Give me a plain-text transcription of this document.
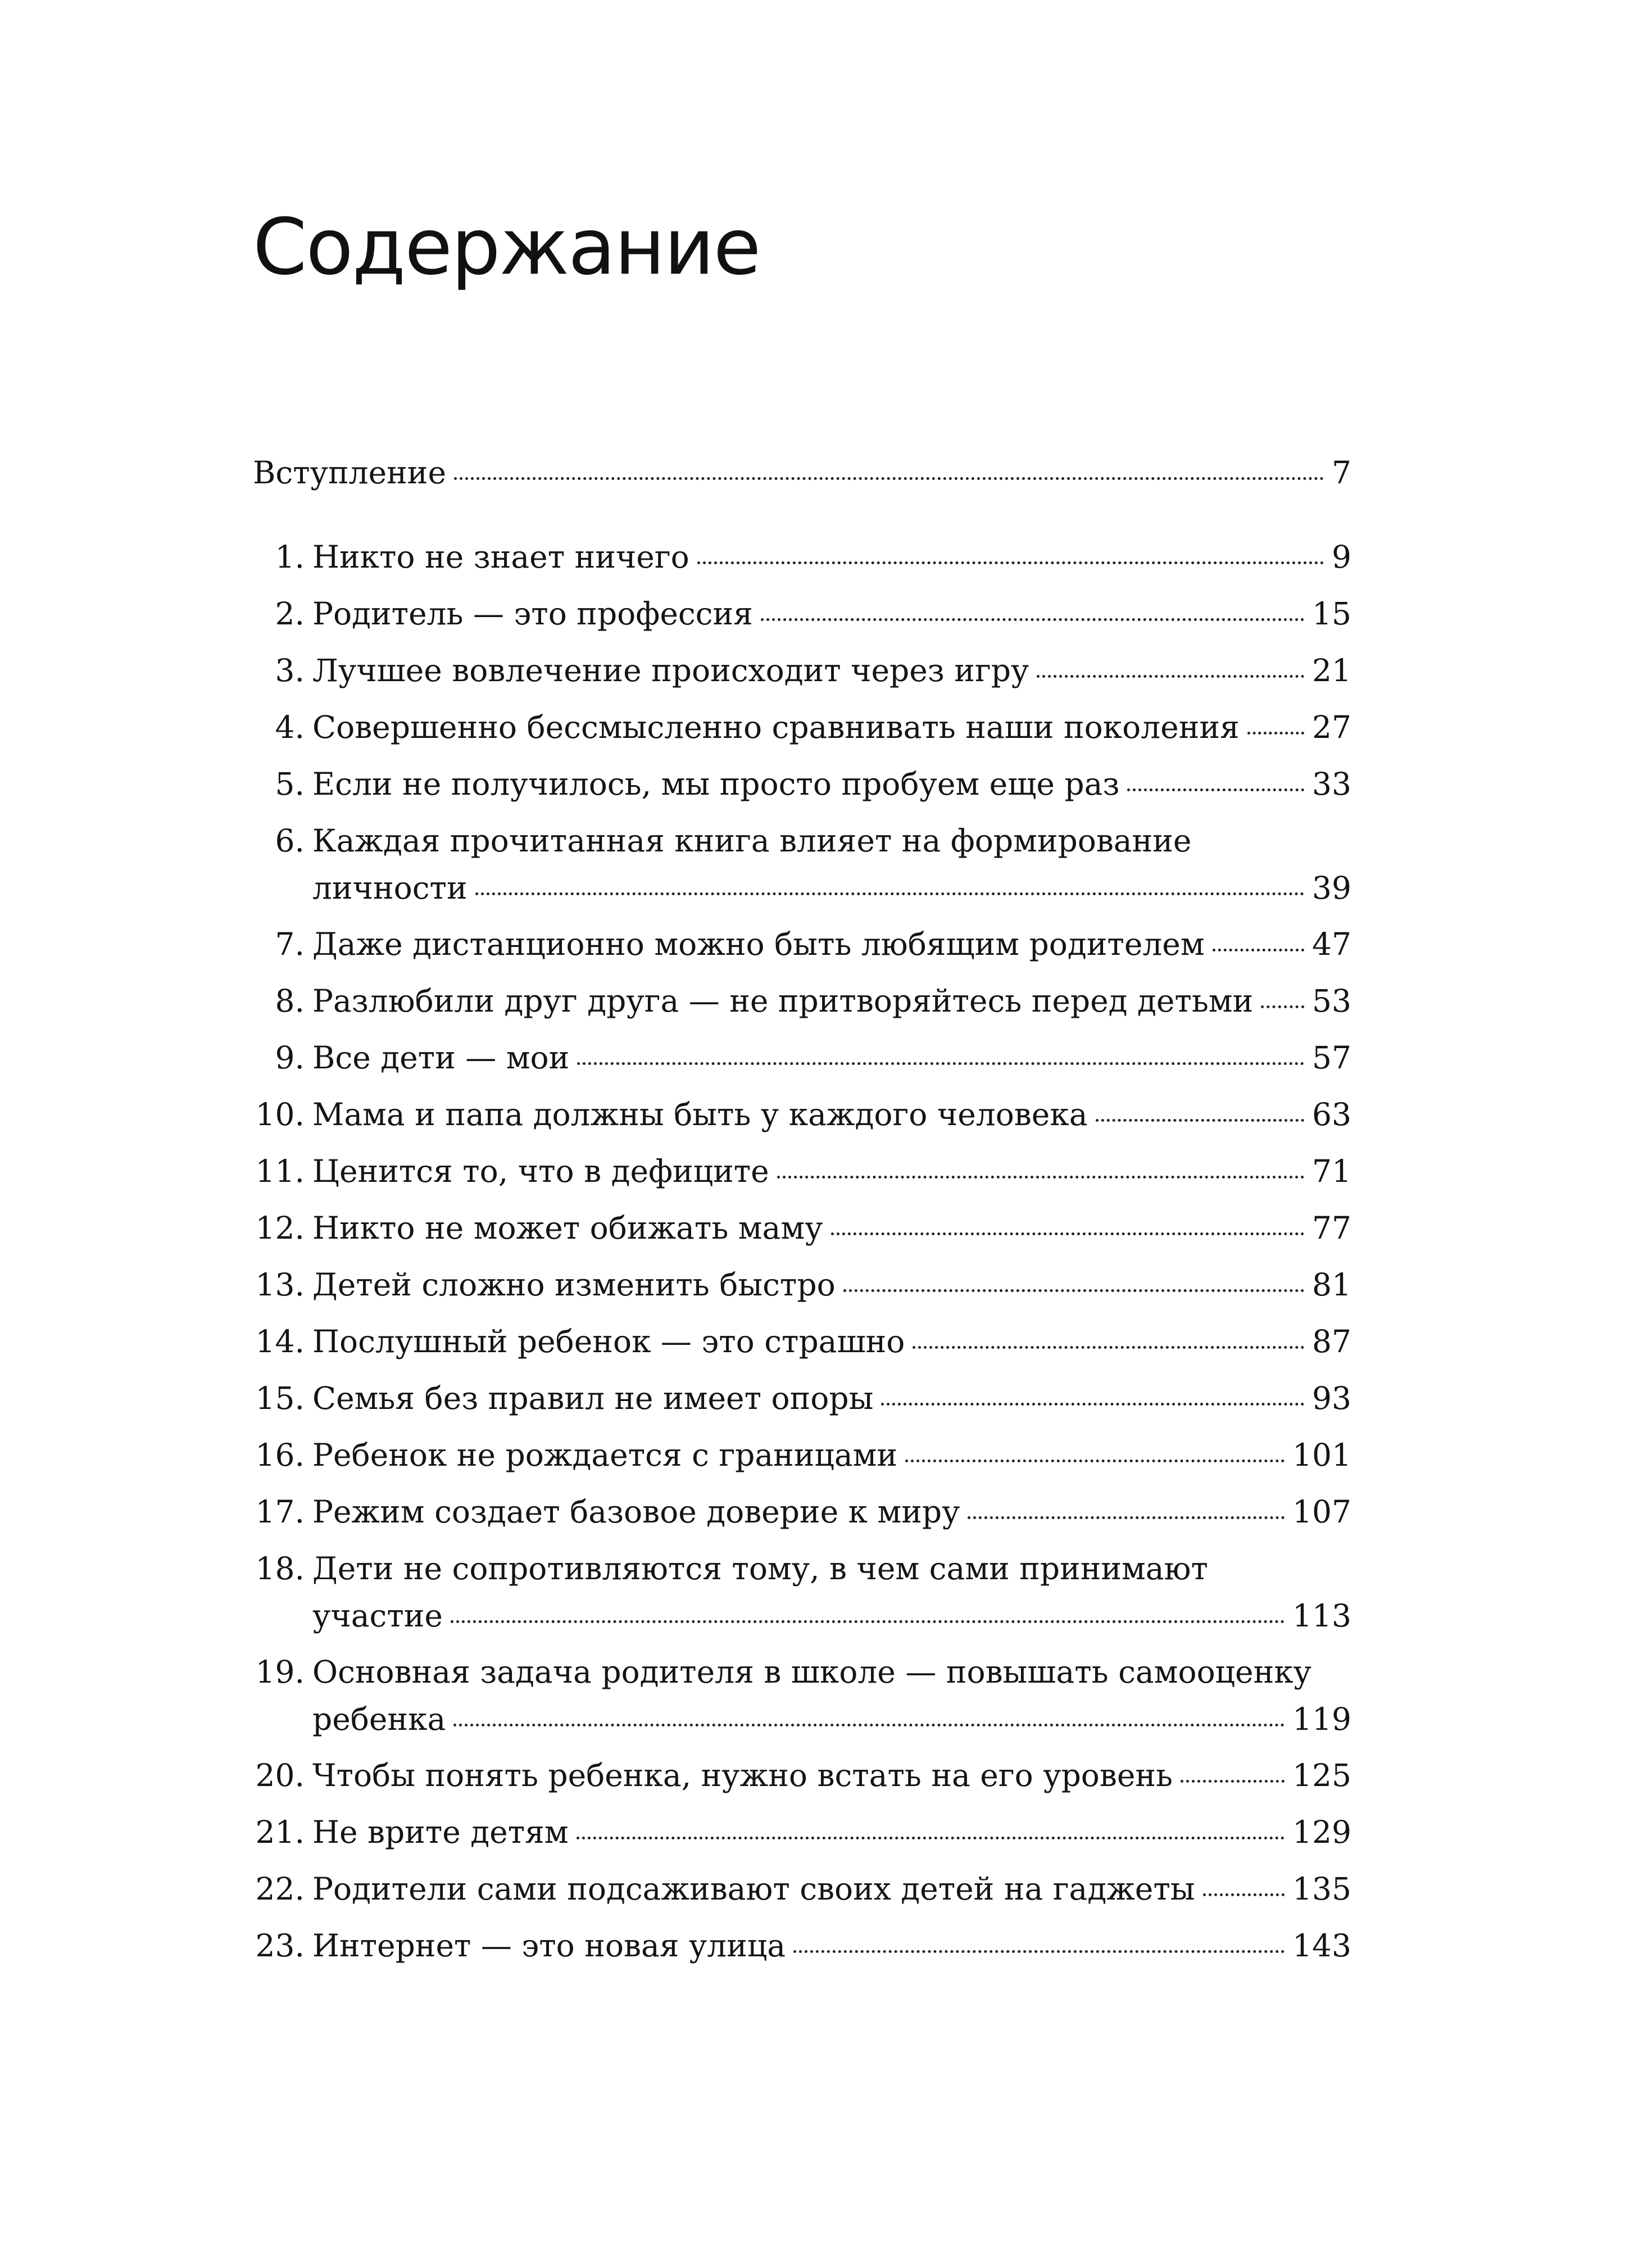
Содержание
Вступление	7
1. Никто не знает ничего	9
2. Родитель — это профессия	15
3. Лучшее вовлечение происходит через игру	21
4. Совершенно бессмысленно сравнивать наши поколения 27
5. Если не получилось, мы просто пробуем еще раз	33
6. Каждая прочитанная книга влияет на формирование
личности	39
7. Даже дистанционно можно быть любящим родителем	47
8. Разлюбили друг друга — не притворяйтесь перед детьми 53
9. Все дети — мои	57
10. Мама и папа должны быть у каждого человека	63
11. Ценится то, что в дефиците	71
12. Никто не может обижать маму	77
13. Детей сложно изменить быстро	81
14. Послушный ребенок — это страшно	87
15. Семья без правил не имеет опоры	93
16. Ребенок не рождается с границами	101
17. Режим создает базовое доверие к миру	107
18. Дети не сопротивляются тому, в чем сами принимают
участие	113
19. Основная задача родителя в школе — повышать самооценку
ребенка	119
20. Чтобы понять ребенка, нужно встать на его уровень	125
21. Не врите детям	129
22. Родители сами подсаживают своих детей на гаджеты	135
23. Интернет — это новая улица	143
